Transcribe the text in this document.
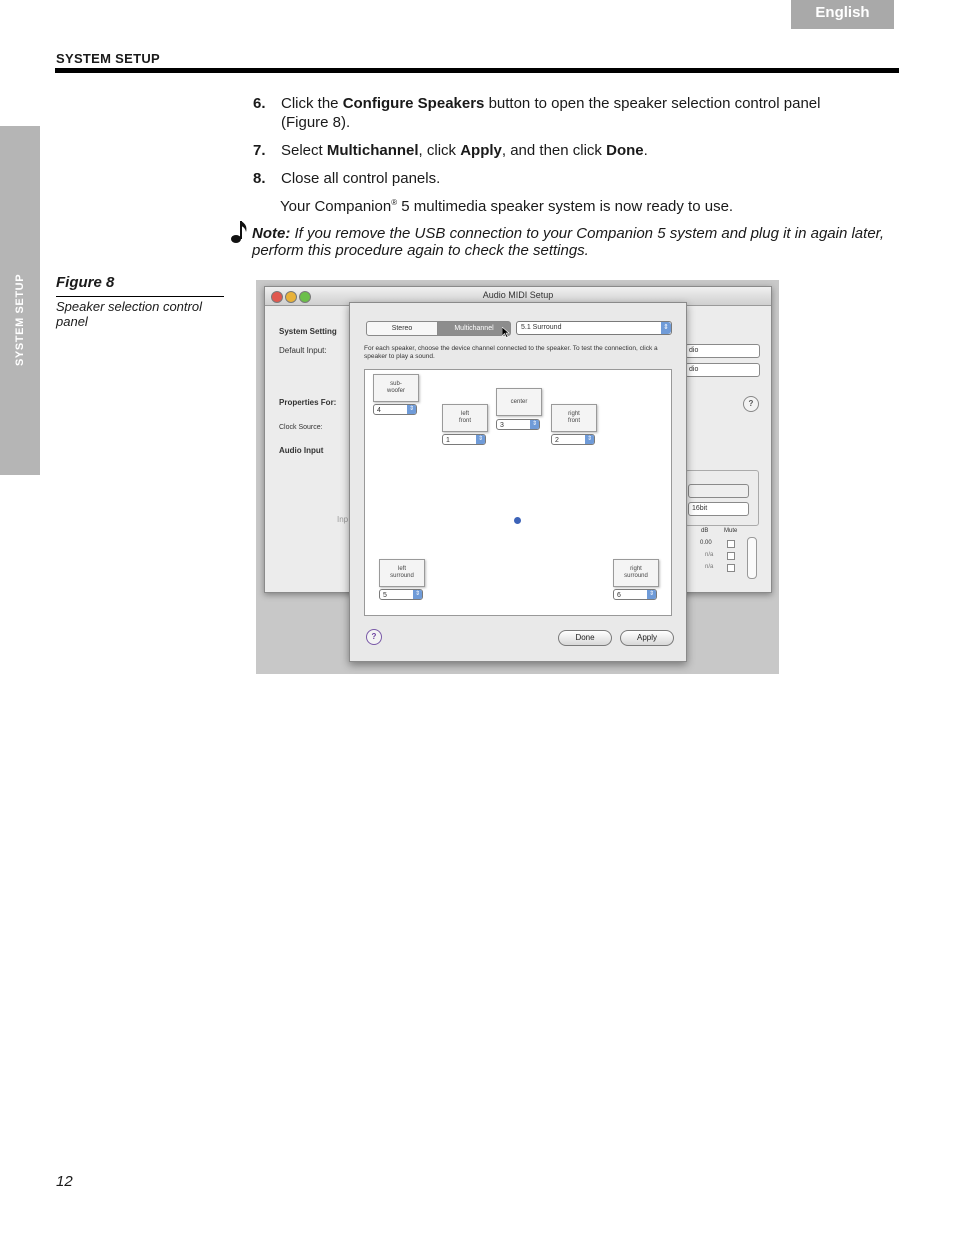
English
SYSTEM SETUP
SYSTEM SETUP
6. Click the Configure Speakers button to open the speaker selection control panel (Figure 8).
7. Select Multichannel, click Apply, and then click Done.
8. Close all control panels.
Your Companion® 5 multimedia speaker system is now ready to use.
Note: If you remove the USB connection to your Companion 5 system and plug it in again later, perform this procedure again to check the settings.
Figure 8
Speaker selection control panel
Audio MIDI Setup
System Setting
Default Input:	dio
dio
Properties For:	?
Clock Source:
Audio Input
Inp
16bit
dB	Mute
0.00
n/a
n/a
Stereo	Multichannel	5.1 Surround	⇕
For each speaker, choose the device channel connected to the speaker. To test the connection, click a speaker to play a sound.
sub-
woofer
4	⇕
left
front
1	⇕
center
3	⇕
right
front
2	⇕
left
surround
5	⇕
right
surround
6	⇕
?	Done	Apply
12
